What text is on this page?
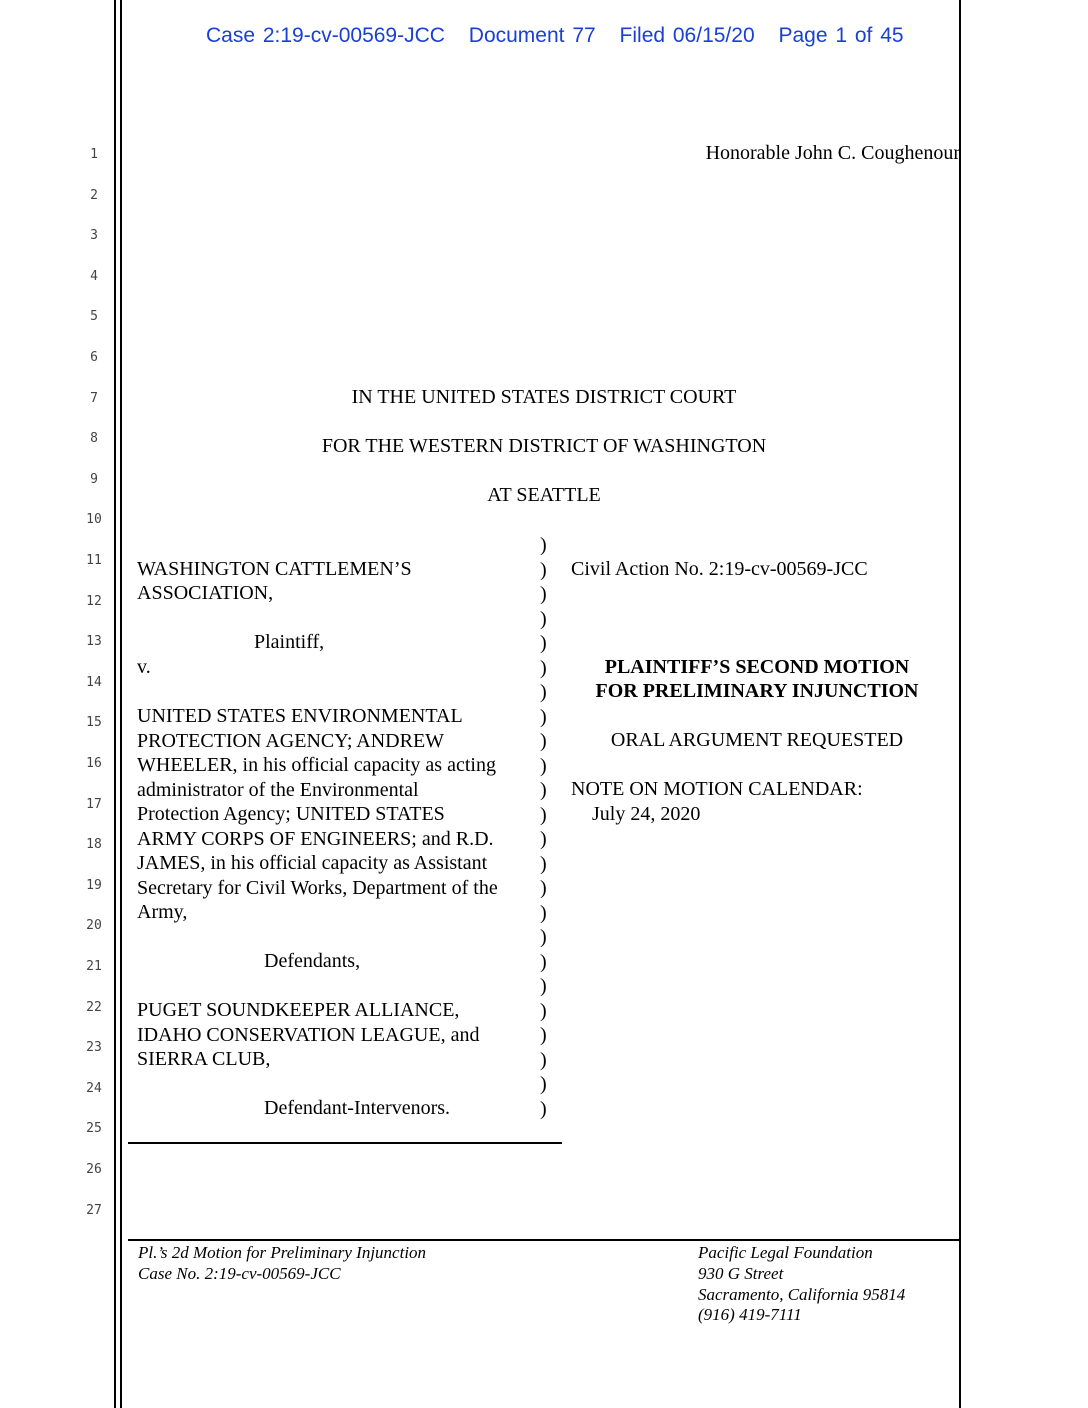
Case 2:19-cv-00569-JCC Document 77 Filed 06/15/20 Page 1 of 45
1
2
3
4
5
6
7
8
9
10
11
12
13
14
15
16
17
18
19
20
21
22
23
24
25
26
27
Honorable John C. Coughenour
IN THE UNITED STATES DISTRICT COURT
FOR THE WESTERN DISTRICT OF WASHINGTON
AT SEATTLE
WASHINGTON CATTLEMEN’S
ASSOCIATION,
Plaintiff,
v.
UNITED STATES ENVIRONMENTAL
PROTECTION AGENCY; ANDREW
WHEELER, in his official capacity as acting
administrator of the Environmental
Protection Agency; UNITED STATES
ARMY CORPS OF ENGINEERS; and R.D.
JAMES, in his official capacity as Assistant
Secretary for Civil Works, Department of the
Army,
Defendants,
PUGET SOUNDKEEPER ALLIANCE,
IDAHO CONSERVATION LEAGUE, and
SIERRA CLUB,
Defendant-Intervenors.
)
)
)
)
)
)
)
)
)
)
)
)
)
)
)
)
)
)
)
)
)
)
)
)
Civil Action No. 2:19-cv-00569-JCC
PLAINTIFF’S SECOND MOTION
FOR PRELIMINARY INJUNCTION
ORAL ARGUMENT REQUESTED
NOTE ON MOTION CALENDAR:
July 24, 2020
Pl.’s 2d Motion for Preliminary Injunction
Case No. 2:19-cv-00569-JCC
Pacific Legal Foundation
930 G Street
Sacramento, California 95814
(916) 419-7111
